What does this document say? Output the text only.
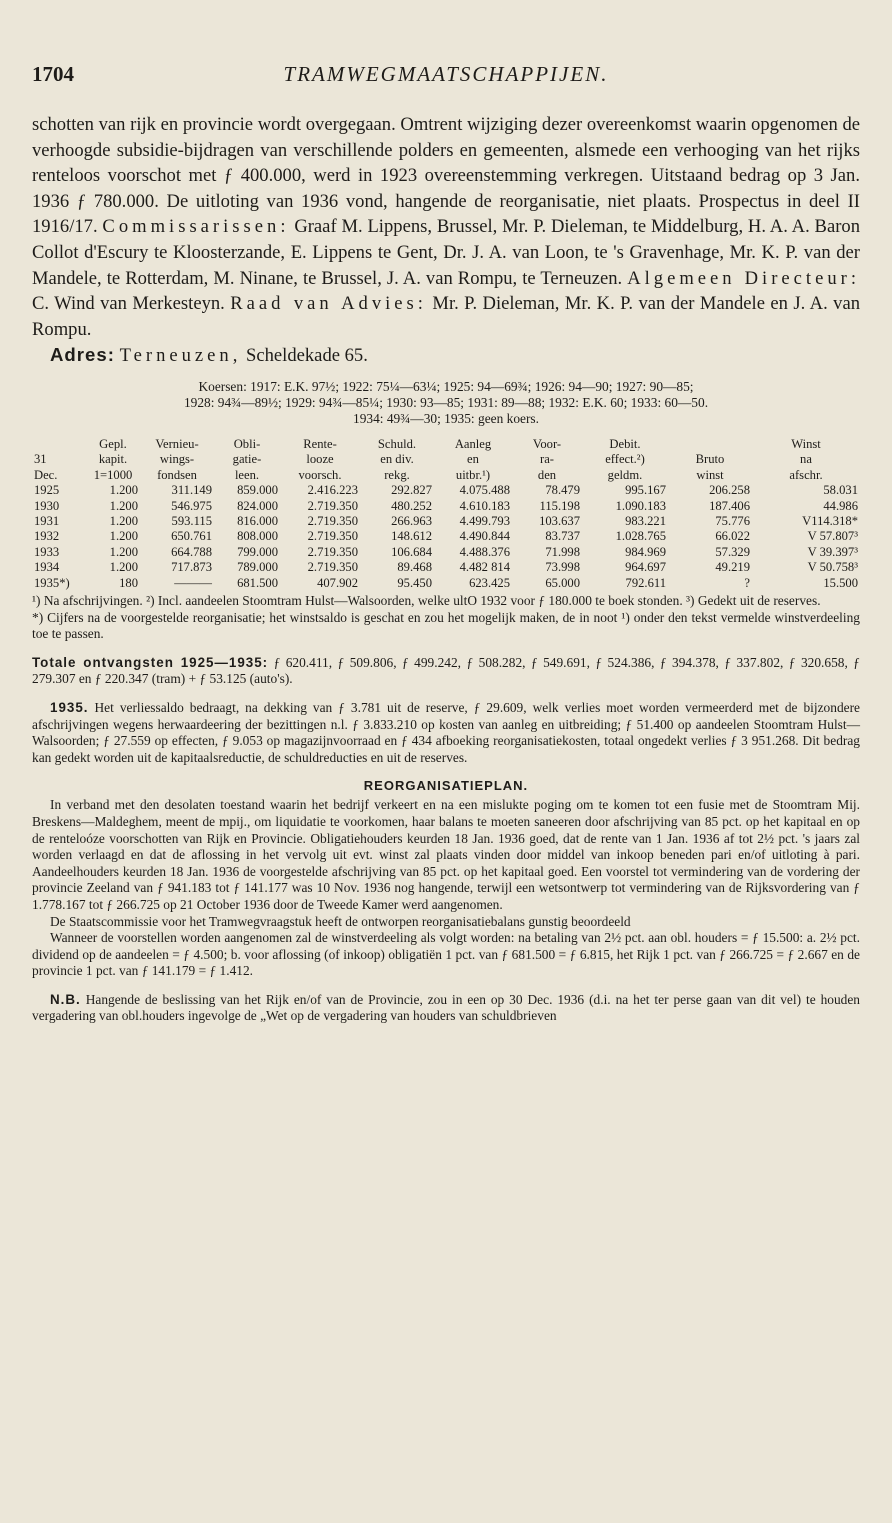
1704	TRAMWEGMAATSCHAPPIJEN.

schotten van rijk en provincie wordt overgegaan. Omtrent wijziging dezer overeenkomst waarin opgenomen de verhoogde subsidie-bijdragen van verschillende polders en gemeenten, alsmede een verhooging van het rijks renteloos voorschot met ƒ 400.000, werd in 1923 overeenstemming verkregen. Uitstaand bedrag op 3 Jan. 1936 ƒ 780.000. De uitloting van 1936 vond, hangende de reorganisatie, niet plaats. Prospectus in deel II 1916/17. Commissarissen: Graaf M. Lippens, Brussel, Mr. P. Dieleman, te Middelburg, H. A. A. Baron Collot d'Escury te Kloosterzande, E. Lippens te Gent, Dr. J. A. van Loon, te 's Gravenhage, Mr. K. P. van der Mandele, te Rotterdam, M. Ninane, te Brussel, J. A. van Rompu, te Terneuzen. Algemeen Directeur: C. Wind van Merkesteyn. Raad van Advies: Mr. P. Dieleman, Mr. K. P. van der Mandele en J. A. van Rompu.

Adres: Terneuzen, Scheldekade 65.

Koersen: 1917: E.K. 97½; 1922: 75¼—63¼; 1925: 94—69¾; 1926: 94—90; 1927: 90—85;
1928: 94¾—89½; 1929: 94¾—85¼; 1930: 93—85; 1931: 89—88; 1932: E.K. 60; 1933: 60—50.
1934: 49¾—30; 1935: geen koers.
	Gepl.	Vernieu-	Obli-	Rente-	Schuld.	Aanleg	Voor-	Debit.		Winst
31	kapit.	wings-	gatie-	looze	en div.	en	ra-	effect.²)	Bruto	na
Dec.	1=1000	fondsen	leen.	voorsch.	rekg.	uitbr.¹)	den	geldm.	winst	afschr.
1925	1.200	311.149	859.000	2.416.223	292.827	4.075.488	78.479	995.167	206.258	58.031
1930	1.200	546.975	824.000	2.719.350	480.252	4.610.183	115.198	1.090.183	187.406	44.986
1931	1.200	593.115	816.000	2.719.350	266.963	4.499.793	103.637	983.221	75.776	V114.318*
1932	1.200	650.761	808.000	2.719.350	148.612	4.490.844	83.737	1.028.765	66.022	V 57.807³
1933	1.200	664.788	799.000	2.719.350	106.684	4.488.376	71.998	984.969	57.329	V 39.397³
1934	1.200	717.873	789.000	2.719.350	89.468	4.482 814	73.998	964.697	49.219	V 50.758³
1935*)	180	———	681.500	407.902	95.450	623.425	65.000	792.611	?	15.500

¹) Na afschrijvingen. ²) Incl. aandeelen Stoomtram Hulst—Walsoorden, welke ultO 1932 voor ƒ 180.000 te boek stonden. ³) Gedekt uit de reserves.

*) Cijfers na de voorgestelde reorganisatie; het winstsaldo is geschat en zou het mogelijk maken, de in noot ¹) onder den tekst vermelde winstverdeeling toe te passen.

Totale ontvangsten 1925—1935: ƒ 620.411, ƒ 509.806, ƒ 499.242, ƒ 508.282, ƒ 549.691, ƒ 524.386, ƒ 394.378, ƒ 337.802, ƒ 320.658, ƒ 279.307 en ƒ 220.347 (tram) + ƒ 53.125 (auto's).

1935. Het verliessaldo bedraagt, na dekking van ƒ 3.781 uit de reserve, ƒ 29.609, welk verlies moet worden vermeerderd met de bijzondere afschrijvingen wegens herwaardeering der bezittingen n.l. ƒ 3.833.210 op kosten van aanleg en uitbreiding; ƒ 51.400 op aandeelen Stoomtram Hulst—Walsoorden; ƒ 27.559 op effecten, ƒ 9.053 op magazijnvoorraad en ƒ 434 afboeking reorganisatiekosten, totaal ongedekt verlies ƒ 3 951.268. Dit bedrag kan gedekt worden uit de kapitaalsreductie, de schuldreducties en uit de reserves.

REORGANISATIEPLAN.

In verband met den desolaten toestand waarin het bedrijf verkeert en na een mislukte poging om te komen tot een fusie met de Stoomtram Mij. Breskens—Maldeghem, meent de mpij., om liquidatie te voorkomen, haar balans te moeten saneeren door afschrijving van 85 pct. op het kapitaal en op de renteloóze voorschotten van Rijk en Provincie. Obligatiehouders keurden 18 Jan. 1936 goed, dat de rente van 1 Jan. 1936 af tot 2½ pct. 's jaars zal worden verlaagd en dat de aflossing in het vervolg uit evt. winst zal plaats vinden door middel van inkoop beneden pari en/of uitloting à pari. Aandeelhouders keurden 18 Jan. 1936 de voorgestelde afschrijving van 85 pct. op het kapitaal goed. Een voorstel tot vermindering van de vordering der provincie Zeeland van ƒ 941.183 tot ƒ 141.177 was 10 Nov. 1936 nog hangende, terwijl een wetsontwerp tot vermindering van de Rijksvordering van ƒ 1.778.167 tot ƒ 266.725 op 21 October 1936 door de Tweede Kamer werd aangenomen.

De Staatscommissie voor het Tramwegvraagstuk heeft de ontworpen reorganisatiebalans gunstig beoordeeld

Wanneer de voorstellen worden aangenomen zal de winstverdeeling als volgt worden: na betaling van 2½ pct. aan obl. houders = ƒ 15.500: a. 2½ pct. dividend op de aandeelen = ƒ 4.500; b. voor aflossing (of inkoop) obligatiën 1 pct. van ƒ 681.500 = ƒ 6.815, het Rijk 1 pct. van ƒ 266.725 = ƒ 2.667 en de provincie 1 pct. van ƒ 141.179 = ƒ 1.412.

N.B. Hangende de beslissing van het Rijk en/of van de Provincie, zou in een op 30 Dec. 1936 (d.i. na het ter perse gaan van dit vel) te houden vergadering van obl.houders ingevolge de „Wet op de vergadering van houders van schuldbrieven
